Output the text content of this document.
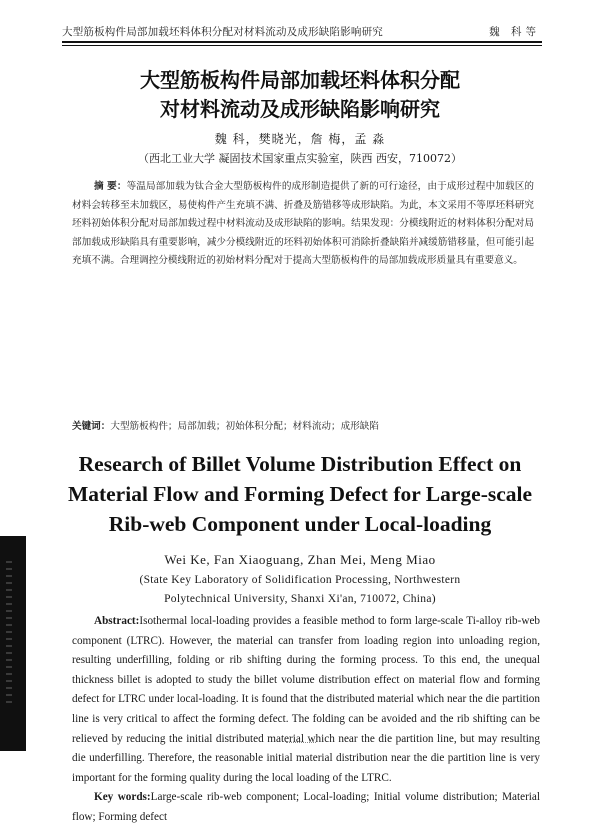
大型筋板构件局部加载坯料体积分配对材料流动及成形缺陷影响研究	魏 科等
大型筋板构件局部加载坯料体积分配
对材料流动及成形缺陷影响研究
魏 科，樊晓光，詹 梅，孟 淼
（西北工业大学 凝固技术国家重点实验室，陕西 西安，710072）
摘 要：等温局部加载为钛合金大型筋板构件的成形制造提供了新的可行途径，由于成形过程中加载区的材料会转移至未加载区，易使构件产生充填不满、折叠及筋错移等成形缺陷。为此，本文采用不等厚坯料研究坯料初始体积分配对局部加载过程中材料流动及成形缺陷的影响。结果发现：分模线附近的材料体积分配对局部加载成形缺陷具有重要影响，减少分模线附近的坯料初始体积可消除折叠缺陷并减缓筋错移量，但可能引起充填不满。合理调控分模线附近的初始材料分配对于提高大型筋板构件的局部加载成形质量具有重要意义。
关键词：大型筋板构件；局部加载；初始体积分配；材料流动；成形缺陷
Research of Billet Volume Distribution Effect on
Material Flow and Forming Defect for Large-scale
Rib-web Component under Local-loading
Wei Ke, Fan Xiaoguang, Zhan Mei, Meng Miao
(State Key Laboratory of Solidification Processing, Northwestern
Polytechnical University, Shanxi Xi'an, 710072, China)
Abstract:Isothermal local-loading provides a feasible method to form large-scale Ti-alloy rib-web component (LTRC). However, the material can transfer from loading region into unloading region, resulting underfilling, folding or rib shifting during the forming process. To this end, the unequal thickness billet is adopted to study the billet volume distribution effect on material flow and forming defect for LTRC under local-loading. It is found that the distributed material which near the die partition line is very critical to affect the forming defect. The folding can be avoided and the rib shifting can be relieved by reducing the initial distributed material which near the die partition line, but may resulting die underfilling. Therefore, the reasonable initial material distribution near the die partition line is very important for the forming quality during the local loading of the LTRC.
Key words:Large-scale rib-web component; Local-loading; Initial volume distribution; Material flow; Forming defect
